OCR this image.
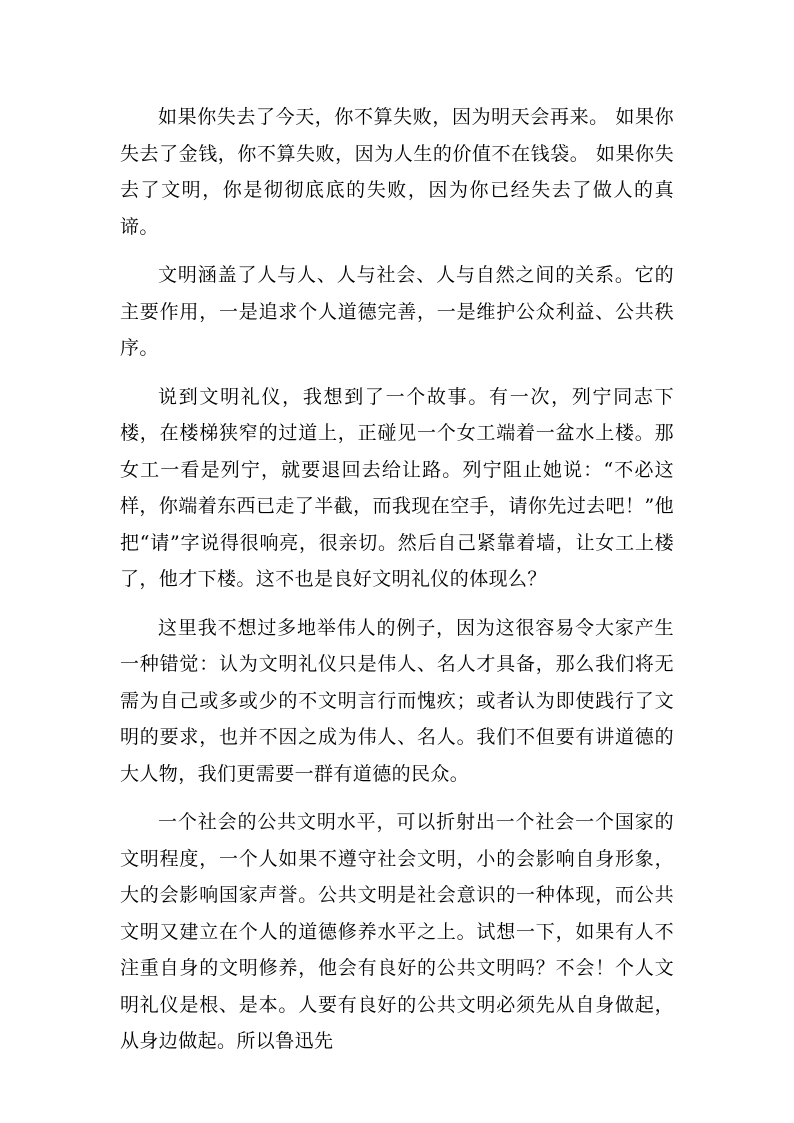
如果你失去了今天，你不算失败，因为明天会再来。 如果你失去了金钱，你不算失败，因为人生的价值不在钱袋。 如果你失去了文明，你是彻彻底底的失败，因为你已经失去了做人的真谛。

文明涵盖了人与人、人与社会、人与自然之间的关系。它的主要作用，一是追求个人道德完善，一是维护公众利益、公共秩序。

说到文明礼仪，我想到了一个故事。有一次，列宁同志下楼，在楼梯狭窄的过道上，正碰见一个女工端着一盆水上楼。那女工一看是列宁，就要退回去给让路。列宁阻止她说：“不必这样，你端着东西已走了半截，而我现在空手，请你先过去吧！”他把“请”字说得很响亮，很亲切。然后自己紧靠着墙，让女工上楼了，他才下楼。这不也是良好文明礼仪的体现么？

这里我不想过多地举伟人的例子，因为这很容易令大家产生一种错觉：认为文明礼仪只是伟人、名人才具备，那么我们将无需为自己或多或少的不文明言行而愧疚；或者认为即使践行了文明的要求，也并不因之成为伟人、名人。我们不但要有讲道德的大人物，我们更需要一群有道德的民众。

一个社会的公共文明水平，可以折射出一个社会一个国家的文明程度，一个人如果不遵守社会文明，小的会影响自身形象，大的会影响国家声誉。公共文明是社会意识的一种体现，而公共文明又建立在个人的道德修养水平之上。试想一下，如果有人不注重自身的文明修养，他会有良好的公共文明吗？不会！个人文明礼仪是根、是本。人要有良好的公共文明必须先从自身做起，从身边做起。所以鲁迅先
